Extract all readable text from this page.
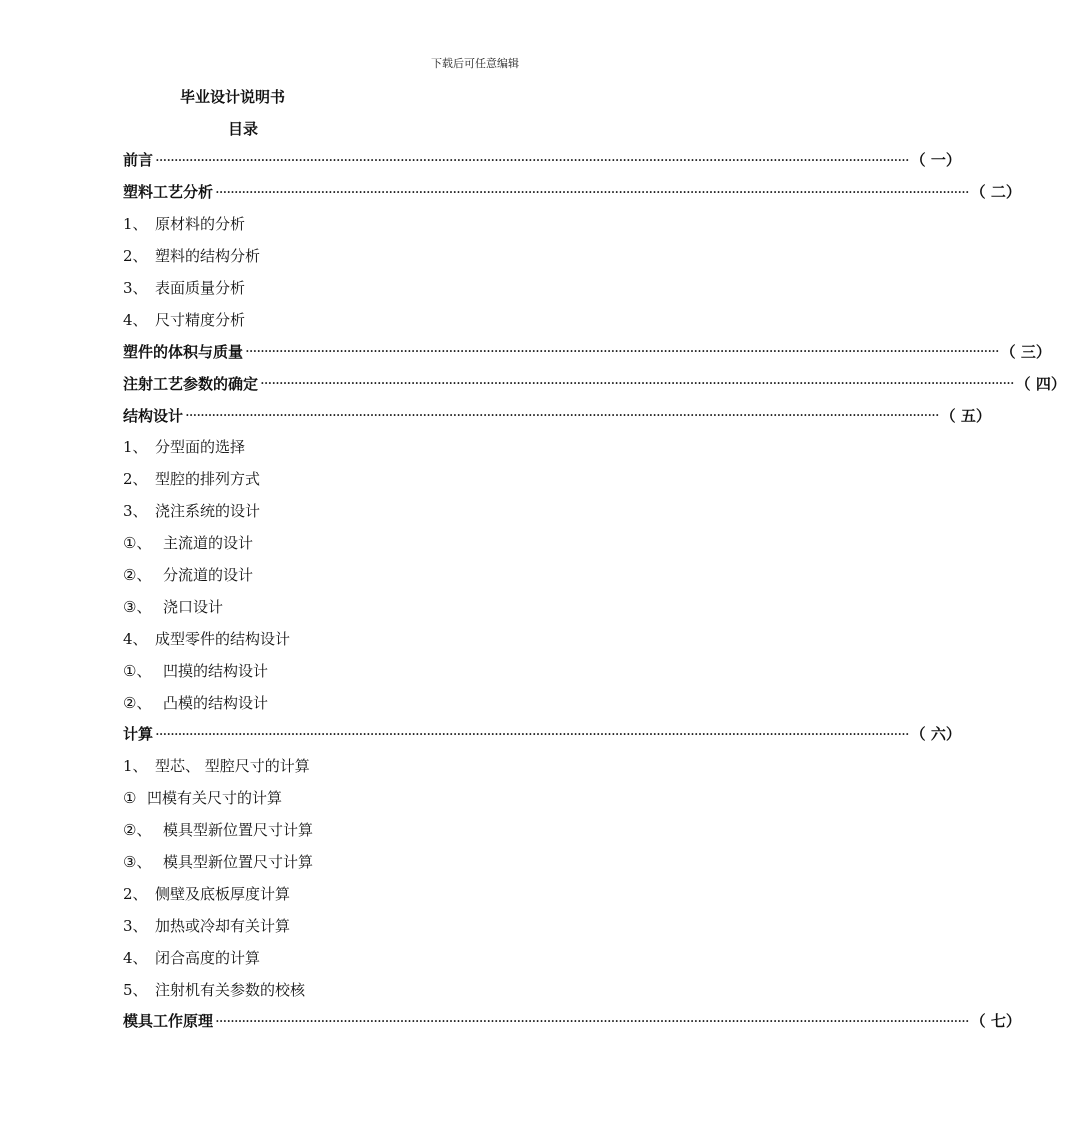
下载后可任意编辑
毕业设计说明书
目录
前言 ········································································································································································································ （ 一）
塑料工艺分析 ········································································································································································································ （ 二）
1、 原材料的分析
2、 塑料的结构分析
3、 表面质量分析
4、 尺寸精度分析
塑件的体积与质量 ········································································································································································································ （ 三）
注射工艺参数的确定 ········································································································································································································ （ 四）
结构设计 ········································································································································································································ （ 五）
1、 分型面的选择
2、 型腔的排列方式
3、 浇注系统的设计
①、 主流道的设计
②、 分流道的设计
③、 浇口设计
4、 成型零件的结构设计
①、 凹摸的结构设计
②、 凸模的结构设计
计算 ········································································································································································································ （ 六）
1、 型芯、 型腔尺寸的计算
① 凹模有关尺寸的计算
②、 模具型新位置尺寸计算
③、 模具型新位置尺寸计算
2、 侧壁及底板厚度计算
3、 加热或冷却有关计算
4、 闭合高度的计算
5、 注射机有关参数的校核
模具工作原理 ········································································································································································································ （ 七）
